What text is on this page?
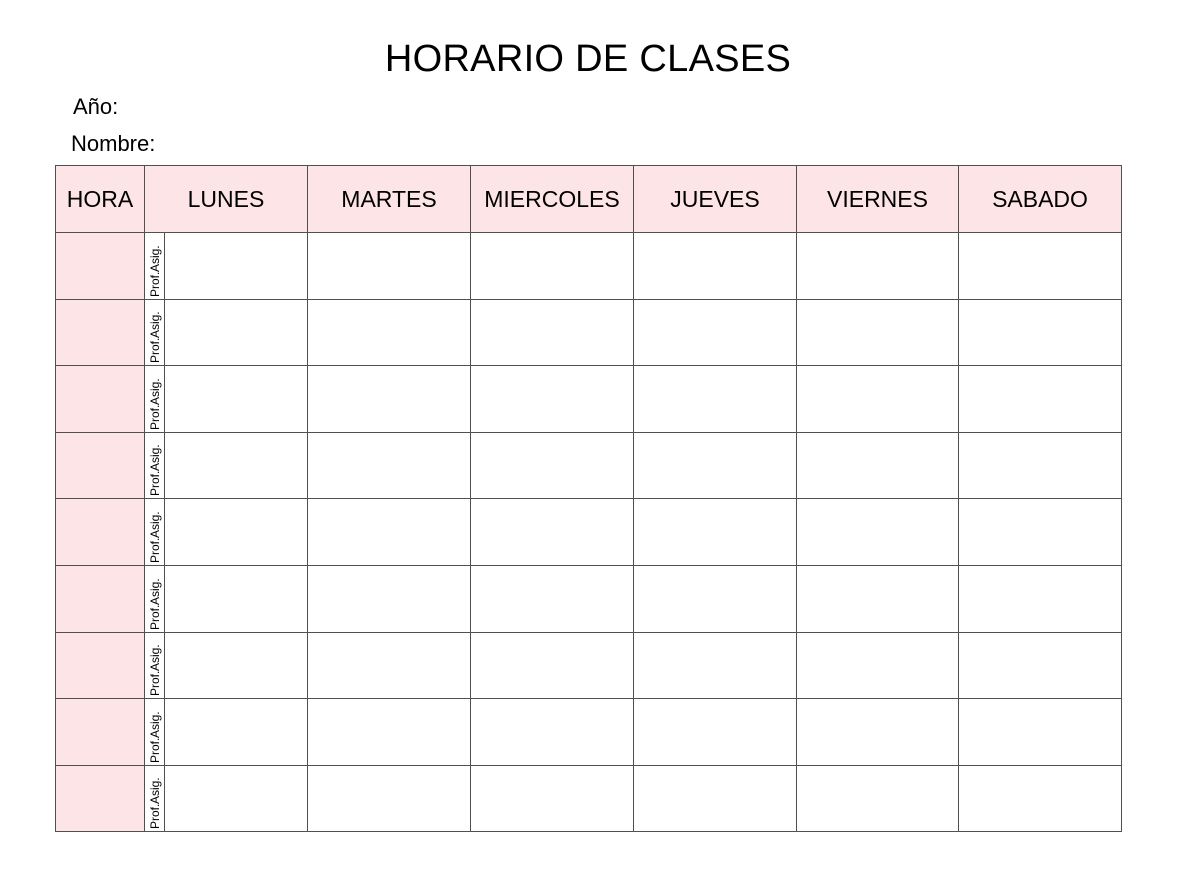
HORARIO DE CLASES
Año:
Nombre:
HORA	LUNES	MARTES	MIERCOLES	JUEVES	VIERNES	SABADO

	Prof.Asig.					

	Prof.Asig.					

	Prof.Asig.					

	Prof.Asig.					

	Prof.Asig.					

	Prof.Asig.					

	Prof.Asig.					

	Prof.Asig.					

	Prof.Asig.					
